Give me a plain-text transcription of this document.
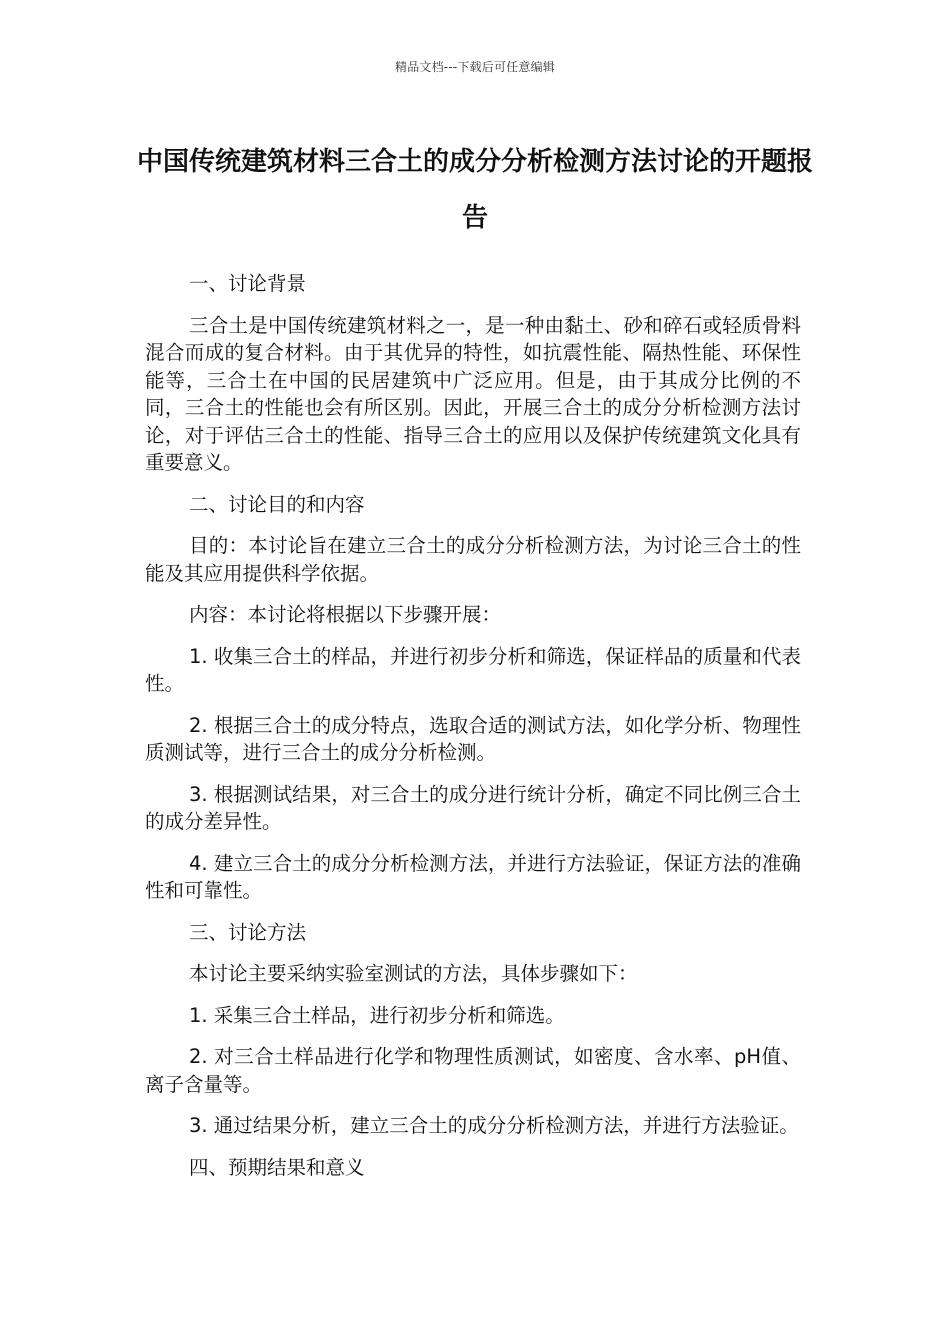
精品文档---下载后可任意编辑
中国传统建筑材料三合土的成分分析检测方法讨论的开题报告

一、讨论背景

三合土是中国传统建筑材料之一，是一种由黏土、砂和碎石或轻质骨料混合而成的复合材料。由于其优异的特性，如抗震性能、隔热性能、环保性能等，三合土在中国的民居建筑中广泛应用。但是，由于其成分比例的不同，三合土的性能也会有所区别。因此，开展三合土的成分分析检测方法讨论，对于评估三合土的性能、指导三合土的应用以及保护传统建筑文化具有重要意义。

二、讨论目的和内容

目的：本讨论旨在建立三合土的成分分析检测方法，为讨论三合土的性能及其应用提供科学依据。

内容：本讨论将根据以下步骤开展：

1. 收集三合土的样品，并进行初步分析和筛选，保证样品的质量和代表性。

2. 根据三合土的成分特点，选取合适的测试方法，如化学分析、物理性质测试等，进行三合土的成分分析检测。

3. 根据测试结果，对三合土的成分进行统计分析，确定不同比例三合土的成分差异性。

4. 建立三合土的成分分析检测方法，并进行方法验证，保证方法的准确性和可靠性。

三、讨论方法

本讨论主要采纳实验室测试的方法，具体步骤如下：

1. 采集三合土样品，进行初步分析和筛选。

2. 对三合土样品进行化学和物理性质测试，如密度、含水率、pH值、离子含量等。

3. 通过结果分析，建立三合土的成分分析检测方法，并进行方法验证。

四、预期结果和意义
